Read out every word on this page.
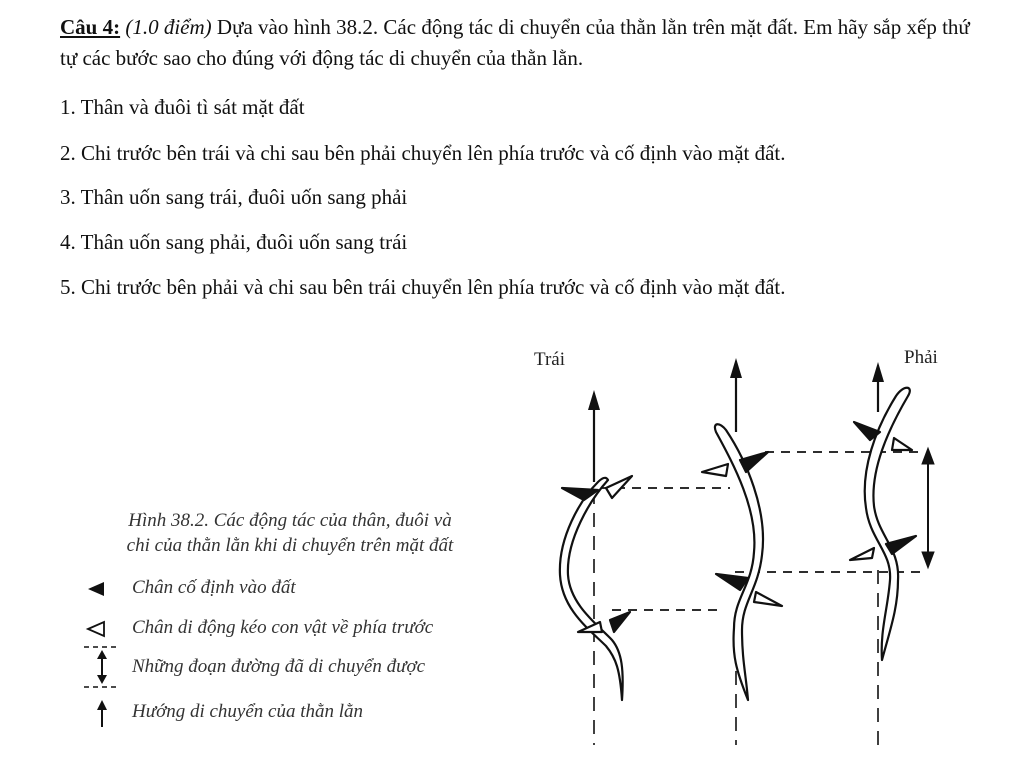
Câu 4: (1.0 điểm) Dựa vào hình 38.2. Các động tác di chuyển của thằn lằn trên mặt đất. Em hãy sắp xếp thứ tự các bước sao cho đúng với động tác di chuyển của thằn lằn.
1. Thân và đuôi tì sát mặt đất
2. Chi trước bên trái và chi sau bên phải chuyển lên phía trước và cố định vào mặt đất.
3. Thân uốn sang trái, đuôi uốn sang phải
4. Thân uốn sang phải, đuôi uốn sang trái
5. Chi trước bên phải và chi sau bên trái chuyển lên phía trước và cố định vào mặt đất.
Hình 38.2. Các động tác của thân, đuôi và
chi của thằn lằn khi di chuyển trên mặt đất
Chân cố định vào đất
Chân di động kéo con vật về phía trước
Những đoạn đường đã di chuyển được
Hướng di chuyển của thằn lằn
Trái	Phải
